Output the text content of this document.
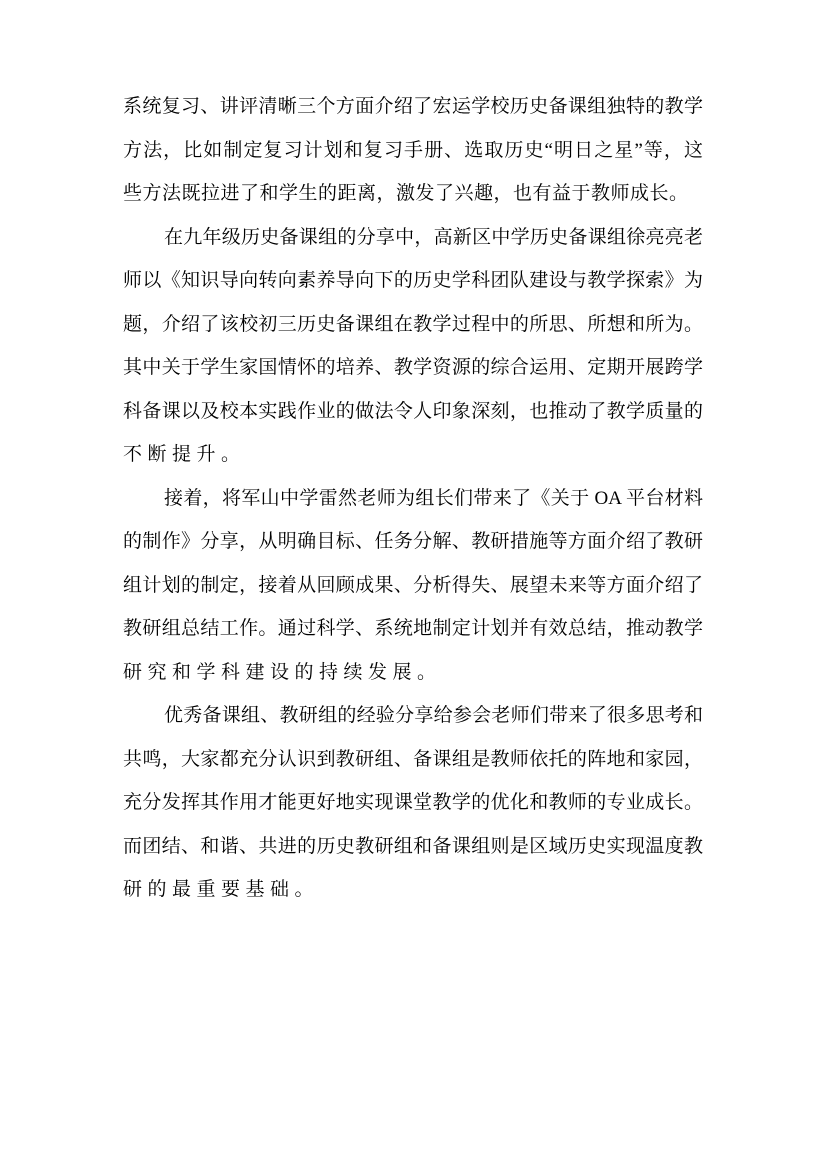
系统复习、讲评清晰三个方面介绍了宏运学校历史备课组独特的教学
方法，比如制定复习计划和复习手册、选取历史“明日之星”等，这
些方法既拉进了和学生的距离，激发了兴趣，也有益于教师成长。
在九年级历史备课组的分享中，高新区中学历史备课组徐亮亮老
师以《知识导向转向素养导向下的历史学科团队建设与教学探索》为
题，介绍了该校初三历史备课组在教学过程中的所思、所想和所为。
其中关于学生家国情怀的培养、教学资源的综合运用、定期开展跨学
科备课以及校本实践作业的做法令人印象深刻，也推动了教学质量的
不断提升。
接着，将军山中学雷然老师为组长们带来了《关于 OA 平台材料
的制作》分享，从明确目标、任务分解、教研措施等方面介绍了教研
组计划的制定，接着从回顾成果、分析得失、展望未来等方面介绍了
教研组总结工作。通过科学、系统地制定计划并有效总结，推动教学
研究和学科建设的持续发展。
优秀备课组、教研组的经验分享给参会老师们带来了很多思考和
共鸣，大家都充分认识到教研组、备课组是教师依托的阵地和家园，
充分发挥其作用才能更好地实现课堂教学的优化和教师的专业成长。
而团结、和谐、共进的历史教研组和备课组则是区域历史实现温度教
研的最重要基础。
